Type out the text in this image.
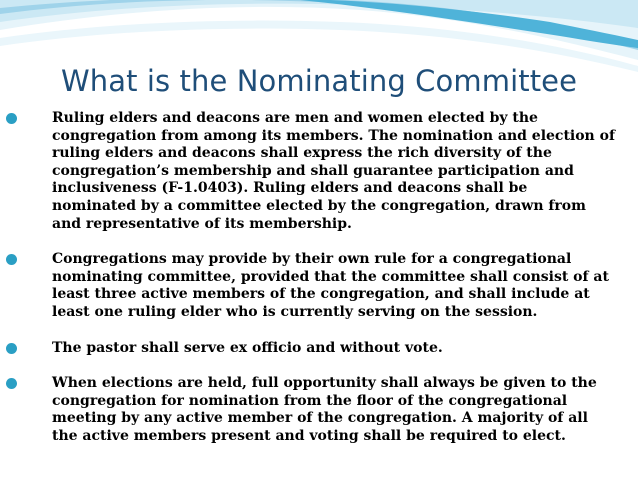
What is the Nominating Committee
Ruling elders and deacons are men and women elected by the congregation from among its members. The nomination and election of ruling elders and deacons shall express the rich diversity of the congregation’s membership and shall guarantee participation and inclusiveness (F-1.0403). Ruling elders and deacons shall be nominated by a committee elected by the congregation, drawn from and representative of its membership.
Congregations may provide by their own rule for a congregational nominating committee, provided that the committee shall consist of at least three active members of the congregation, and shall include at least one ruling elder who is currently serving on the session.
The pastor shall serve ex officio and without vote.
When elections are held, full opportunity shall always be given to the congregation for nomination from the floor of the congregational meeting by any active member of the congregation. A majority of all the active members present and voting shall be required to elect.
